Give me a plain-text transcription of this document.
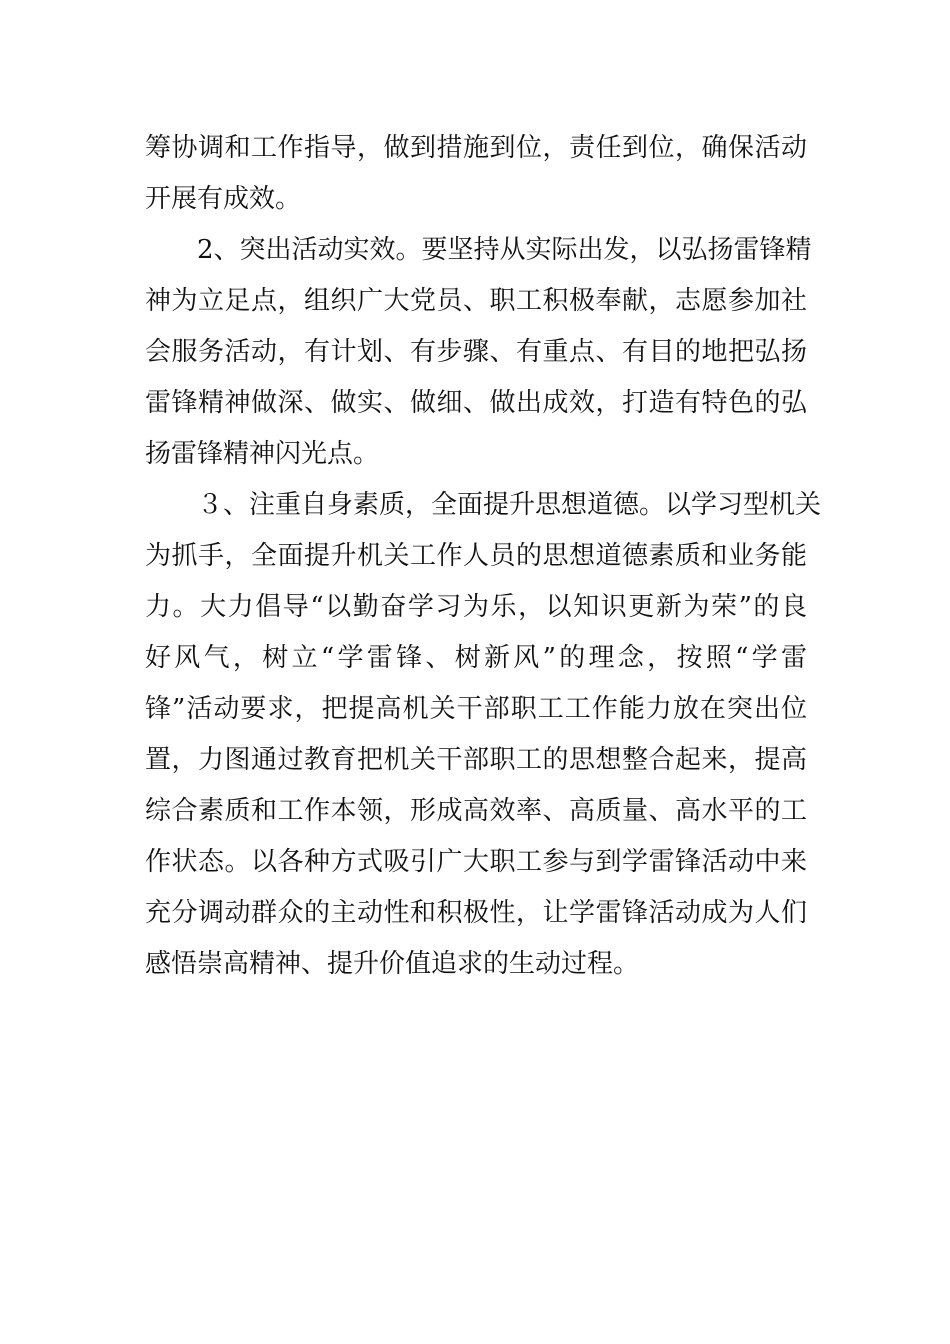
筹协调和工作指导，做到措施到位，责任到位，确保活动
开展有成效。
2、突出活动实效。要坚持从实际出发，以弘扬雷锋精
神为立足点，组织广大党员、职工积极奉献，志愿参加社
会服务活动，有计划、有步骤、有重点、有目的地把弘扬
雷锋精神做深、做实、做细、做出成效，打造有特色的弘
扬雷锋精神闪光点。
３、注重自身素质，全面提升思想道德。以学习型机关
为抓手，全面提升机关工作人员的思想道德素质和业务能
力。大力倡导“以勤奋学习为乐，以知识更新为荣”的良
好风气，树立“学雷锋、树新风”的理念，按照“学雷
锋”活动要求，把提高机关干部职工工作能力放在突出位
置，力图通过教育把机关干部职工的思想整合起来，提高
综合素质和工作本领，形成高效率、高质量、高水平的工
作状态。以各种方式吸引广大职工参与到学雷锋活动中来
充分调动群众的主动性和积极性，让学雷锋活动成为人们
感悟崇高精神、提升价值追求的生动过程。
